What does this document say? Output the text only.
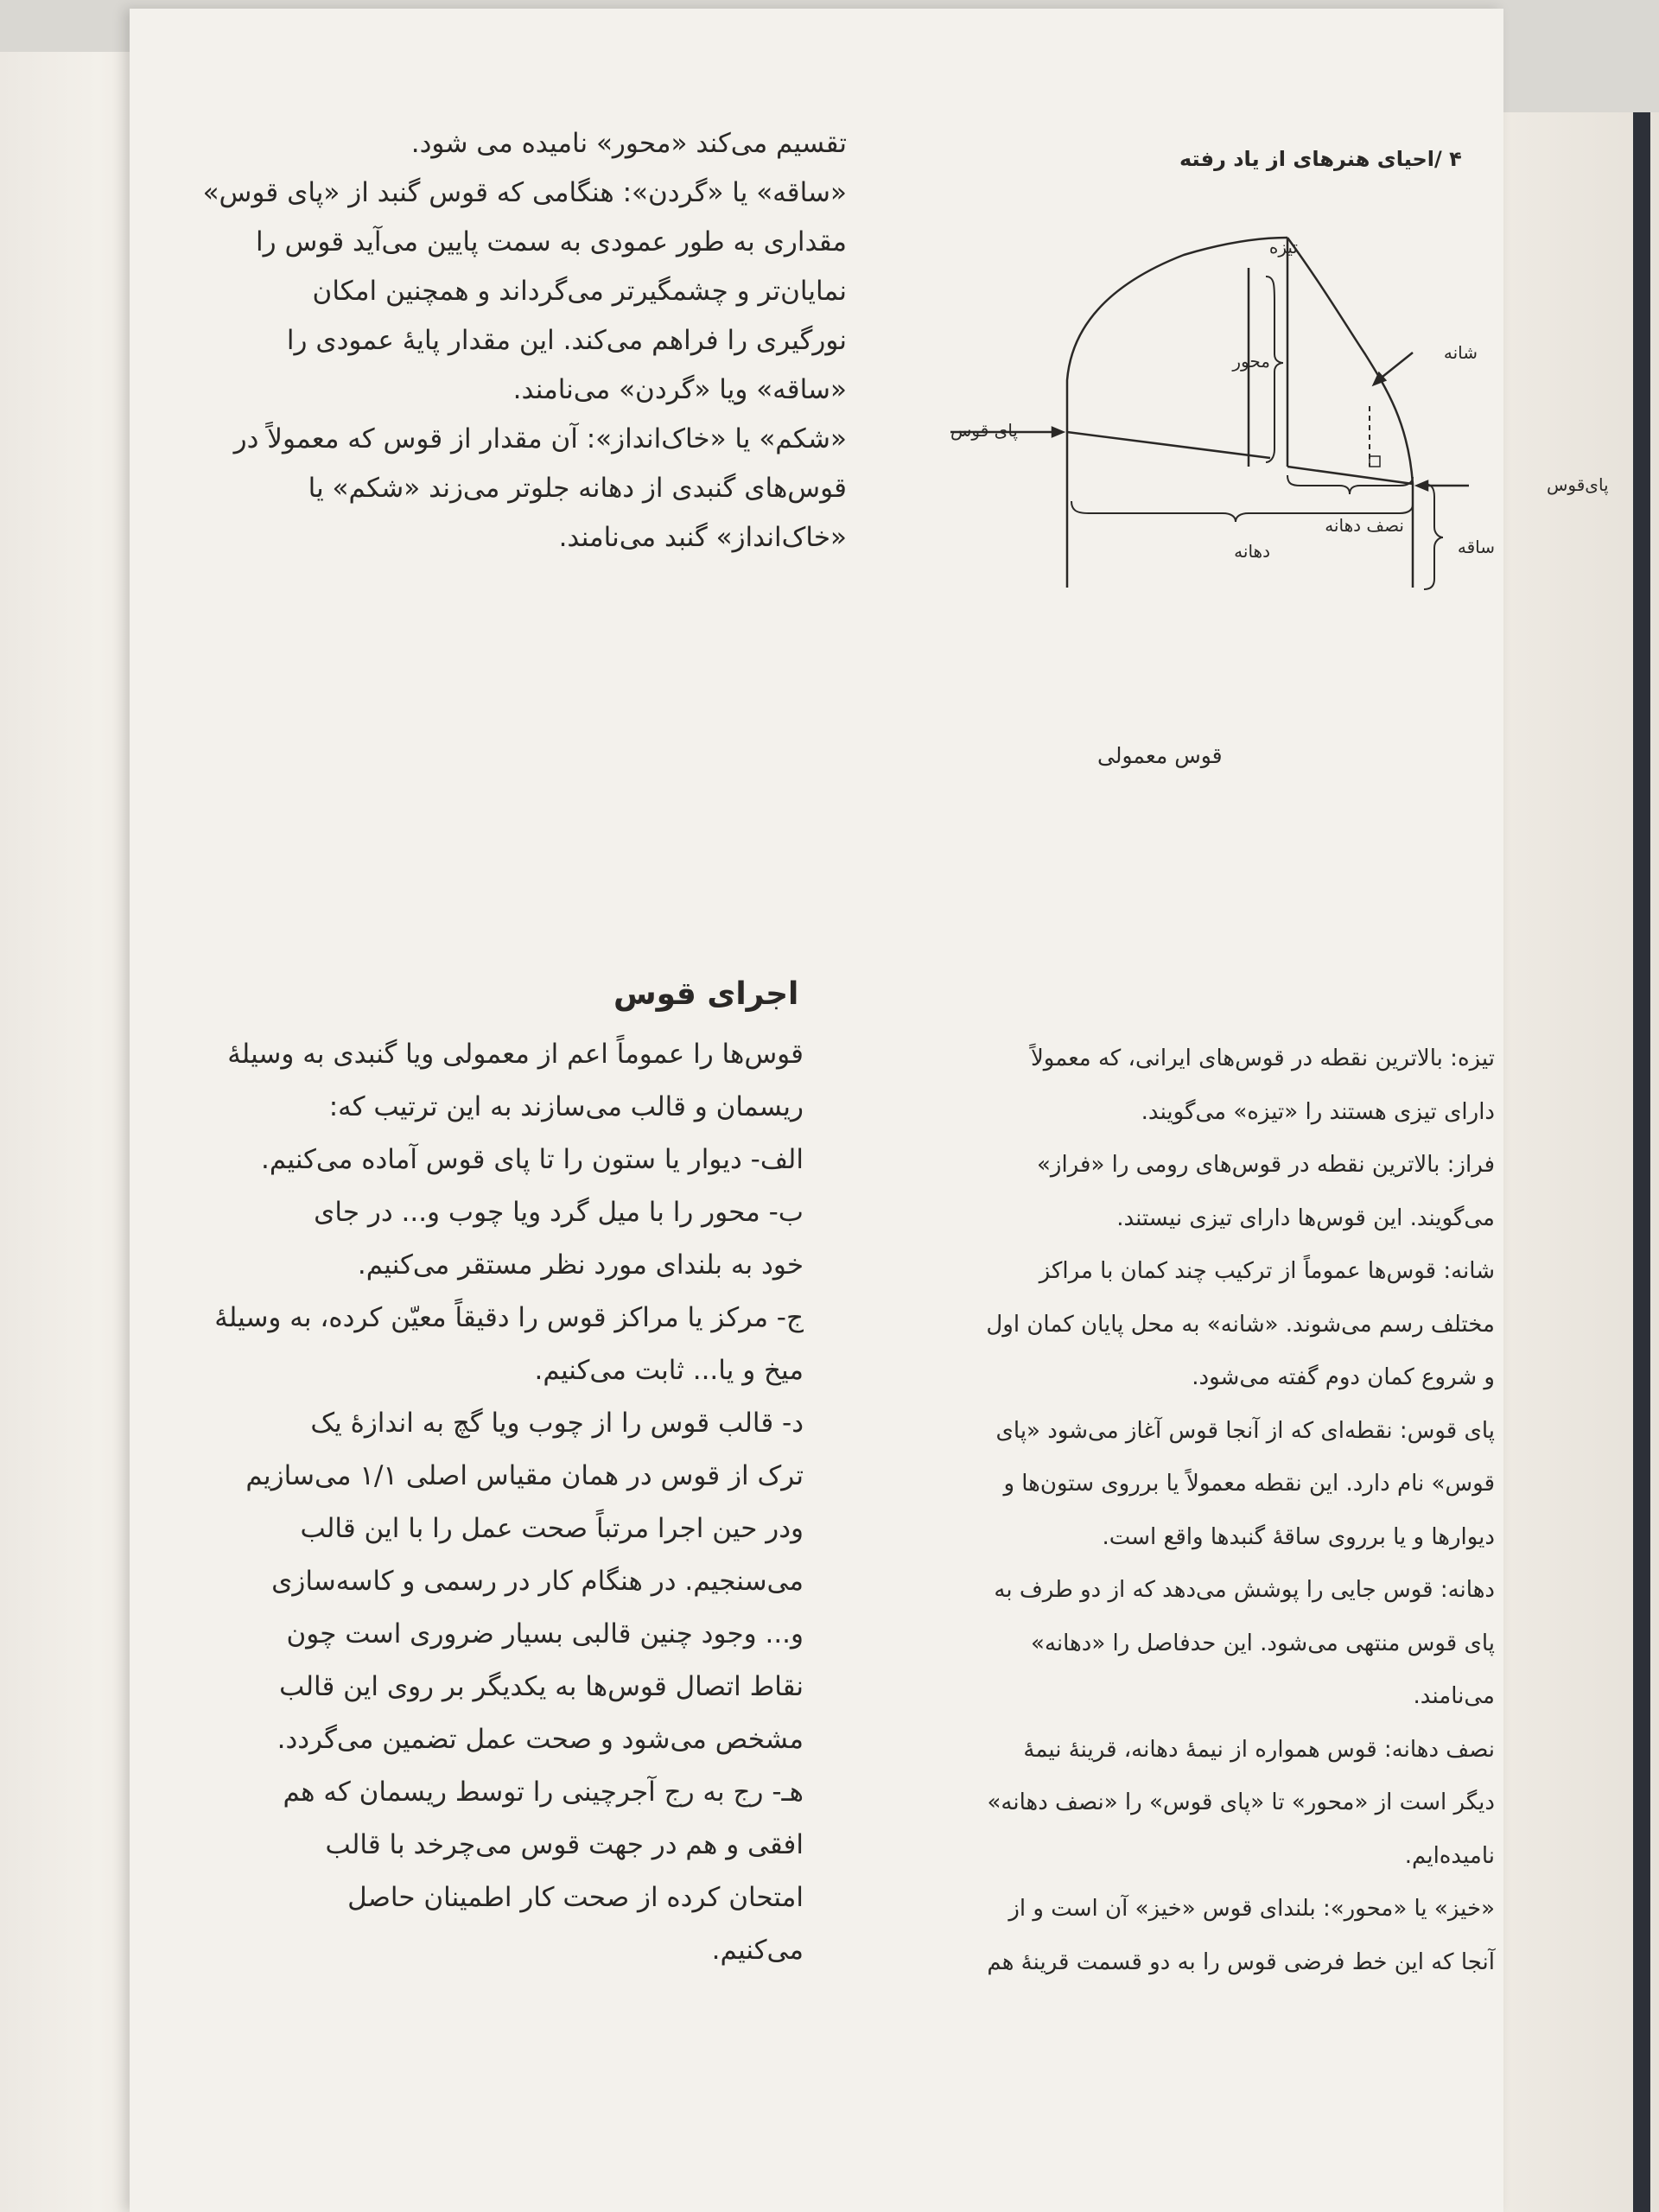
۴ /احیای هنرهای از یاد رفته

تقسیم می‌کند «محور» نامیده می شود.

«ساقه» یا «گردن»: هنگامی که قوس گنبد از «پای قوس»

مقداری به طور عمودی به سمت پایین می‌آید قوس را

نمایان‌تر و چشمگیرتر می‌گرداند و همچنین امکان

نورگیری را فراهم می‌کند. این مقدار پایهٔ عمودی را

«ساقه» ویا «گردن» می‌نامند.

«شکم» یا «خاک‌انداز»: آن مقدار از قوس که معمولاً در

قوس‌های گنبدی از دهانه جلوتر می‌زند «شکم» یا

«خاک‌انداز» گنبد می‌نامند.

تیزه
محور	شانه
پای قوس
پای‌قوس
نصف دهانه
دهانه	ساقه
قوس معمولی
اجرای قوس

قوس‌ها را عموماً اعم از معمولی ویا گنبدی به وسیلهٔ

ریسمان و قالب می‌سازند به این ترتیب که:

الف- دیوار یا ستون را تا پای قوس آماده می‌کنیم.

ب- محور را با میل گرد ویا چوب و... در جای

خود به بلندای مورد نظر مستقر می‌کنیم.

ج- مرکز یا مراکز قوس را دقیقاً معیّن کرده، به وسیلهٔ

میخ و یا... ثابت می‌کنیم.

د- قالب قوس را از چوب ویا گچ به اندازهٔ یک

ترک از قوس در همان مقیاس اصلی ۱/۱ می‌سازیم

ودر حین اجرا مرتباً صحت عمل را با این قالب

می‌سنجیم. در هنگام کار در رسمی و کاسه‌سازی

و... وجود چنین قالبی بسیار ضروری است چون

نقاط اتصال قوس‌ها به یکدیگر بر روی این قالب

مشخص می‌شود و صحت عمل تضمین می‌گردد.

هـ- رج به رج آجرچینی را توسط ریسمان که هم

افقی و هم در جهت قوس می‌چرخد با قالب

امتحان کرده از صحت کار اطمینان حاصل

می‌کنیم.

تیزه: بالاترین نقطه در قوس‌های ایرانی، که معمولاً

دارای تیزی هستند را «تیزه» می‌گویند.

فراز: بالاترین نقطه در قوس‌های رومی را «فراز»

می‌گویند. این قوس‌ها دارای تیزی نیستند.

شانه: قوس‌ها عموماً از ترکیب چند کمان با مراکز

مختلف رسم می‌شوند. «شانه» به محل پایان کمان اول

و شروع کمان دوم گفته می‌شود.

پای قوس: نقطه‌ای که از آنجا قوس آغاز می‌شود «پای

قوس» نام دارد. این نقطه معمولاً یا برروی ستون‌ها و

دیوارها و یا برروی ساقهٔ گنبدها واقع است.

دهانه: قوس جایی را پوشش می‌دهد که از دو طرف به

پای قوس منتهی می‌شود. این حدفاصل را «دهانه»

می‌نامند.

نصف دهانه: قوس همواره از نیمهٔ دهانه، قرینهٔ نیمهٔ

دیگر است از «محور» تا «پای قوس» را «نصف دهانه»

نامیده‌ایم.

«خیز» یا «محور»: بلندای قوس «خیز» آن است و از

آنجا که این خط فرضی قوس را به دو قسمت قرینهٔ هم
